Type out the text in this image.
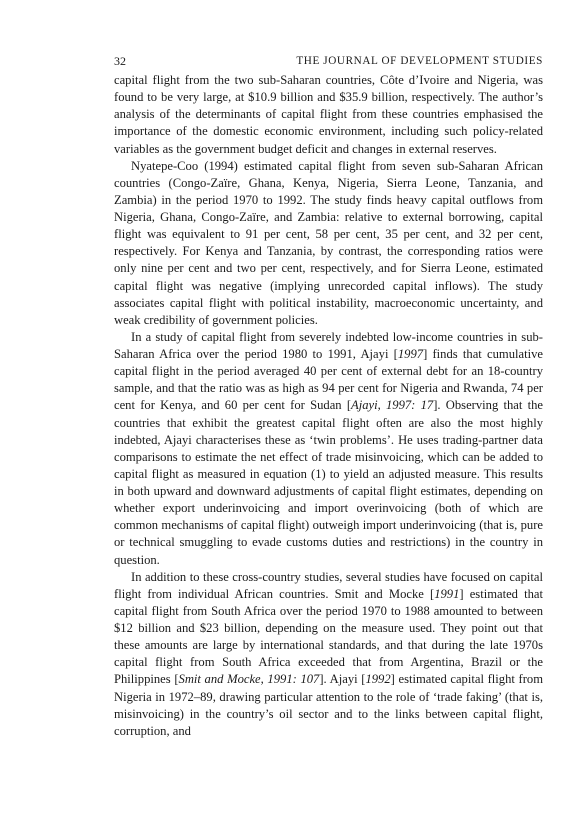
32	THE JOURNAL OF DEVELOPMENT STUDIES

capital flight from the two sub-Saharan countries, Côte d’Ivoire and Nigeria, was found to be very large, at $10.9 billion and $35.9 billion, respectively. The author’s analysis of the determinants of capital flight from these countries emphasised the importance of the domestic economic environment, including such policy-related variables as the government budget deficit and changes in external reserves.

Nyatepe-Coo (1994) estimated capital flight from seven sub-Saharan African countries (Congo-Zaïre, Ghana, Kenya, Nigeria, Sierra Leone, Tanzania, and Zambia) in the period 1970 to 1992. The study finds heavy capital outflows from Nigeria, Ghana, Congo-Zaïre, and Zambia: relative to external borrowing, capital flight was equivalent to 91 per cent, 58 per cent, 35 per cent, and 32 per cent, respectively. For Kenya and Tanzania, by contrast, the corresponding ratios were only nine per cent and two per cent, respectively, and for Sierra Leone, estimated capital flight was negative (implying unrecorded capital inflows). The study associates capital flight with political instability, macroeconomic uncertainty, and weak credibility of government policies.

In a study of capital flight from severely indebted low-income countries in sub-Saharan Africa over the period 1980 to 1991, Ajayi [1997] finds that cumulative capital flight in the period averaged 40 per cent of external debt for an 18-country sample, and that the ratio was as high as 94 per cent for Nigeria and Rwanda, 74 per cent for Kenya, and 60 per cent for Sudan [Ajayi, 1997: 17]. Observing that the countries that exhibit the greatest capital flight often are also the most highly indebted, Ajayi characterises these as ‘twin problems’. He uses trading-partner data comparisons to estimate the net effect of trade misinvoicing, which can be added to capital flight as measured in equation (1) to yield an adjusted measure. This results in both upward and downward adjustments of capital flight estimates, depending on whether export underinvoicing and import overinvoicing (both of which are common mechanisms of capital flight) outweigh import underinvoicing (that is, pure or technical smuggling to evade customs duties and restrictions) in the country in question.

In addition to these cross-country studies, several studies have focused on capital flight from individual African countries. Smit and Mocke [1991] estimated that capital flight from South Africa over the period 1970 to 1988 amounted to between $12 billion and $23 billion, depending on the measure used. They point out that these amounts are large by international standards, and that during the late 1970s capital flight from South Africa exceeded that from Argentina, Brazil or the Philippines [Smit and Mocke, 1991: 107]. Ajayi [1992] estimated capital flight from Nigeria in 1972–89, drawing particular attention to the role of ‘trade faking’ (that is, misinvoicing) in the country’s oil sector and to the links between capital flight, corruption, and
